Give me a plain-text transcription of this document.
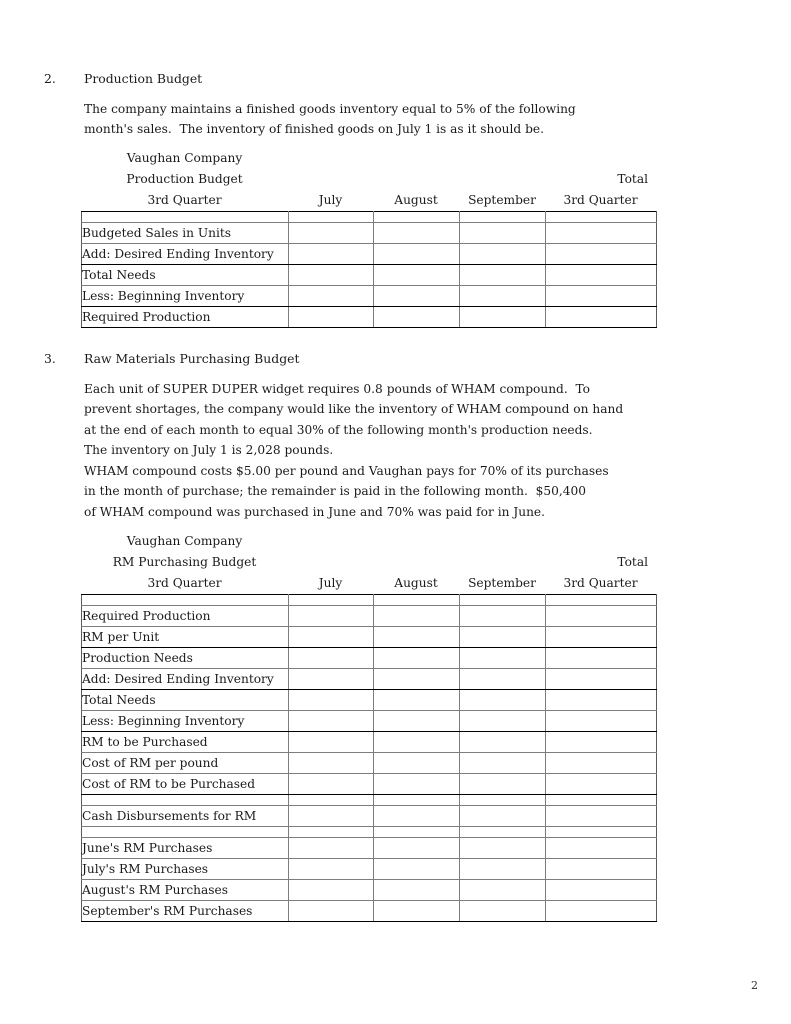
2. Production Budget
The company maintains a finished goods inventory equal to 5% of the following
month's sales.  The inventory of finished goods on July 1 is as it should be.
Vaughan Company
Production Budget
3rd Quarter
Total
July	August	September	3rd Quarter

Budgeted Sales in Units				
Add: Desired Ending Inventory				
Total Needs				
Less: Beginning Inventory				
Required Production				
3. Raw Materials Purchasing Budget
Each unit of SUPER DUPER widget requires 0.8 pounds of WHAM compound.  To
prevent shortages, the company would like the inventory of WHAM compound on hand
at the end of each month to equal 30% of the following month's production needs.
The inventory on July 1 is 2,028 pounds.
WHAM compound costs $5.00 per pound and Vaughan pays for 70% of its purchases
in the month of purchase; the remainder is paid in the following month.  $50,400
of WHAM compound was purchased in June and 70% was paid for in June.
Vaughan Company
RM Purchasing Budget
3rd Quarter
Total
July	August	September	3rd Quarter

Required Production				
RM per Unit				
Production Needs				
Add: Desired Ending Inventory				
Total Needs				
Less: Beginning Inventory				
RM to be Purchased				
Cost of RM per pound				
Cost of RM to be Purchased				

Cash Disbursements for RM				

June's RM Purchases				
July's RM Purchases				
August's RM Purchases				
September's RM Purchases				
2
